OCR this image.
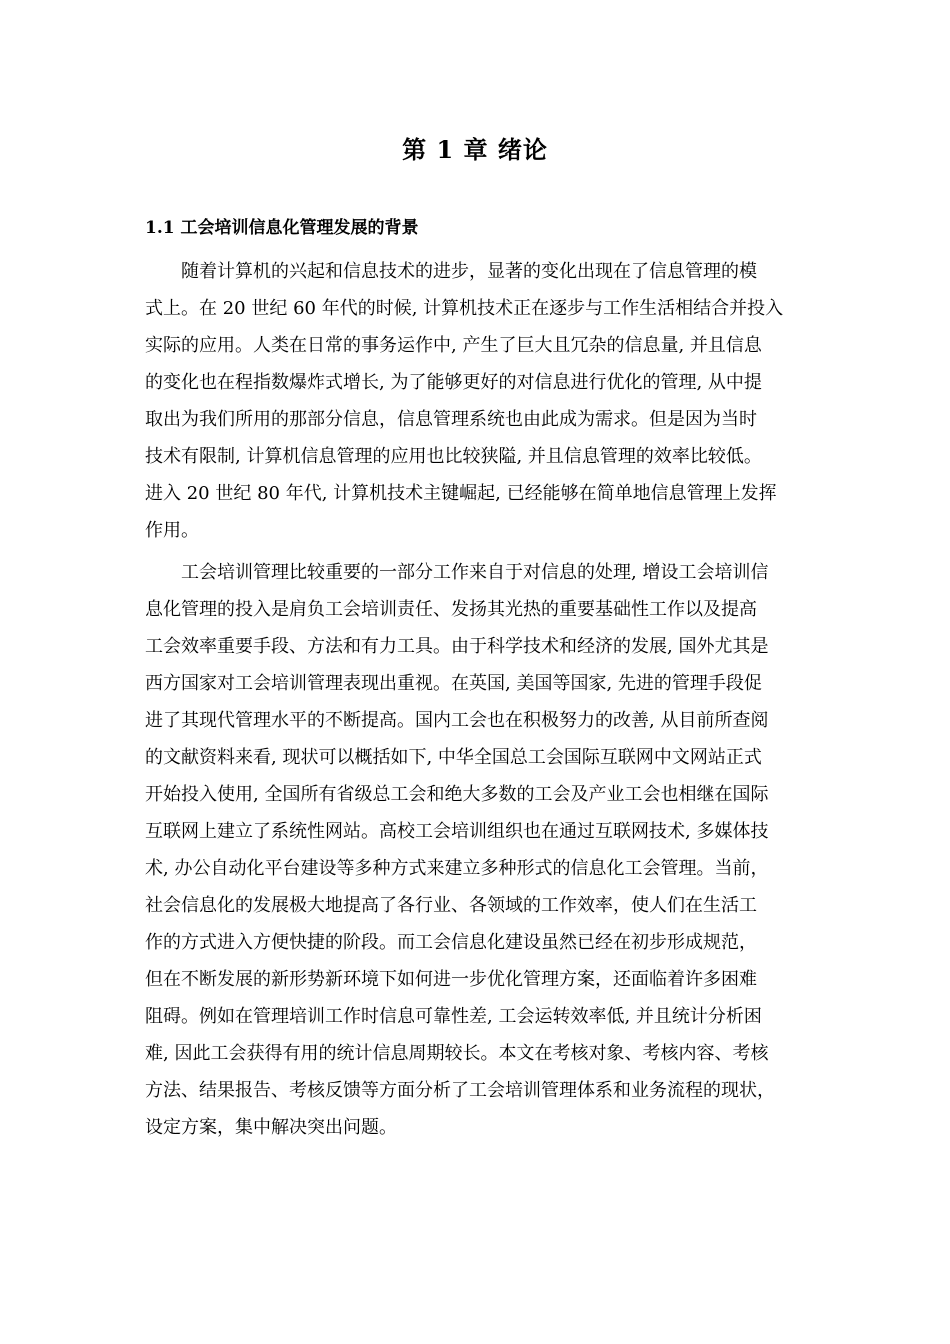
第 1 章 绪论
1.1 工会培训信息化管理发展的背景
随着计算机的兴起和信息技术的进步，显著的变化出现在了信息管理的模
式上。在 20 世纪 60 年代的时候, 计算机技术正在逐步与工作生活相结合并投入
实际的应用。人类在日常的事务运作中, 产生了巨大且冗杂的信息量, 并且信息
的变化也在程指数爆炸式增长, 为了能够更好的对信息进行优化的管理, 从中提
取出为我们所用的那部分信息，信息管理系统也由此成为需求。但是因为当时
技术有限制, 计算机信息管理的应用也比较狭隘, 并且信息管理的效率比较低。
进入 20 世纪 80 年代, 计算机技术主键崛起, 已经能够在简单地信息管理上发挥
作用。
工会培训管理比较重要的一部分工作来自于对信息的处理, 增设工会培训信
息化管理的投入是肩负工会培训责任、发扬其光热的重要基础性工作以及提高
工会效率重要手段、方法和有力工具。由于科学技术和经济的发展, 国外尤其是
西方国家对工会培训管理表现出重视。在英国, 美国等国家, 先进的管理手段促
进了其现代管理水平的不断提高。国内工会也在积极努力的改善, 从目前所查阅
的文献资料来看, 现状可以概括如下, 中华全国总工会国际互联网中文网站正式
开始投入使用, 全国所有省级总工会和绝大多数的工会及产业工会也相继在国际
互联网上建立了系统性网站。高校工会培训组织也在通过互联网技术, 多媒体技
术, 办公自动化平台建设等多种方式来建立多种形式的信息化工会管理。当前，
社会信息化的发展极大地提高了各行业、各领域的工作效率，使人们在生活工
作的方式进入方便快捷的阶段。而工会信息化建设虽然已经在初步形成规范，
但在不断发展的新形势新环境下如何进一步优化管理方案，还面临着许多困难
阻碍。例如在管理培训工作时信息可靠性差, 工会运转效率低, 并且统计分析困
难, 因此工会获得有用的统计信息周期较长。本文在考核对象、考核内容、考核
方法、结果报告、考核反馈等方面分析了工会培训管理体系和业务流程的现状，
设定方案，集中解决突出问题。
